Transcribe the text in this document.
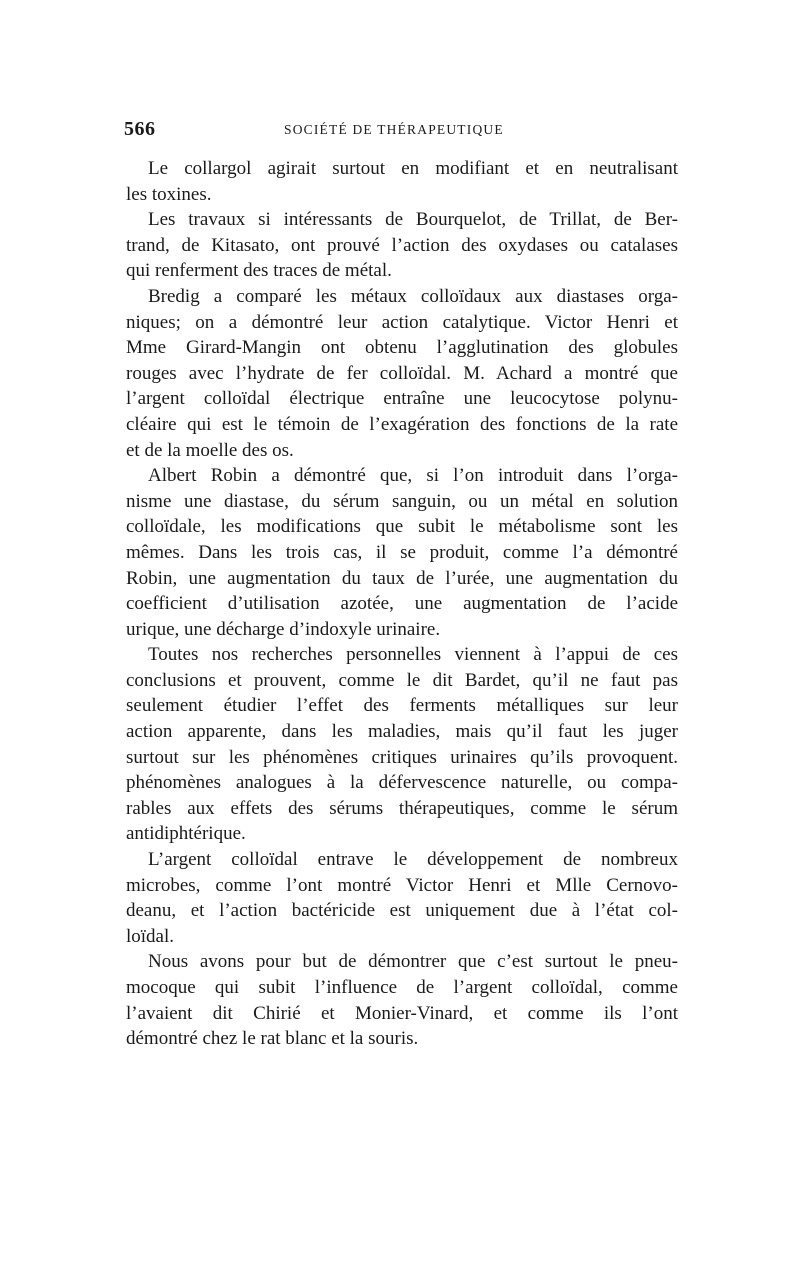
566	SOCIÉTÉ DE THÉRAPEUTIQUE
Le collargol agirait surtout en modifiant et en neutralisant
les toxines.
Les travaux si intéressants de Bourquelot, de Trillat, de Ber-
trand, de Kitasato, ont prouvé l’action des oxydases ou catalases
qui renferment des traces de métal.
Bredig a comparé les métaux colloïdaux aux diastases orga-
niques; on a démontré leur action catalytique. Victor Henri et
Mme Girard-Mangin ont obtenu l’agglutination des globules
rouges avec l’hydrate de fer colloïdal. M. Achard a montré que
l’argent colloïdal électrique entraîne une leucocytose polynu-
cléaire qui est le témoin de l’exagération des fonctions de la rate
et de la moelle des os.
Albert Robin a démontré que, si l’on introduit dans l’orga-
nisme une diastase, du sérum sanguin, ou un métal en solution
colloïdale, les modifications que subit le métabolisme sont les
mêmes. Dans les trois cas, il se produit, comme l’a démontré
Robin, une augmentation du taux de l’urée, une augmentation du
coefficient d’utilisation azotée, une augmentation de l’acide
urique, une décharge d’indoxyle urinaire.
Toutes nos recherches personnelles viennent à l’appui de ces
conclusions et prouvent, comme le dit Bardet, qu’il ne faut pas
seulement étudier l’effet des ferments métalliques sur leur
action apparente, dans les maladies, mais qu’il faut les juger
surtout sur les phénomènes critiques urinaires qu’ils provoquent.
phénomènes analogues à la défervescence naturelle, ou compa-
rables aux effets des sérums thérapeutiques, comme le sérum
antidiphtérique.
L’argent colloïdal entrave le développement de nombreux
microbes, comme l’ont montré Victor Henri et Mlle Cernovo-
deanu, et l’action bactéricide est uniquement due à l’état col-
loïdal.
Nous avons pour but de démontrer que c’est surtout le pneu-
mocoque qui subit l’influence de l’argent colloïdal, comme
l’avaient dit Chirié et Monier-Vinard, et comme ils l’ont
démontré chez le rat blanc et la souris.
